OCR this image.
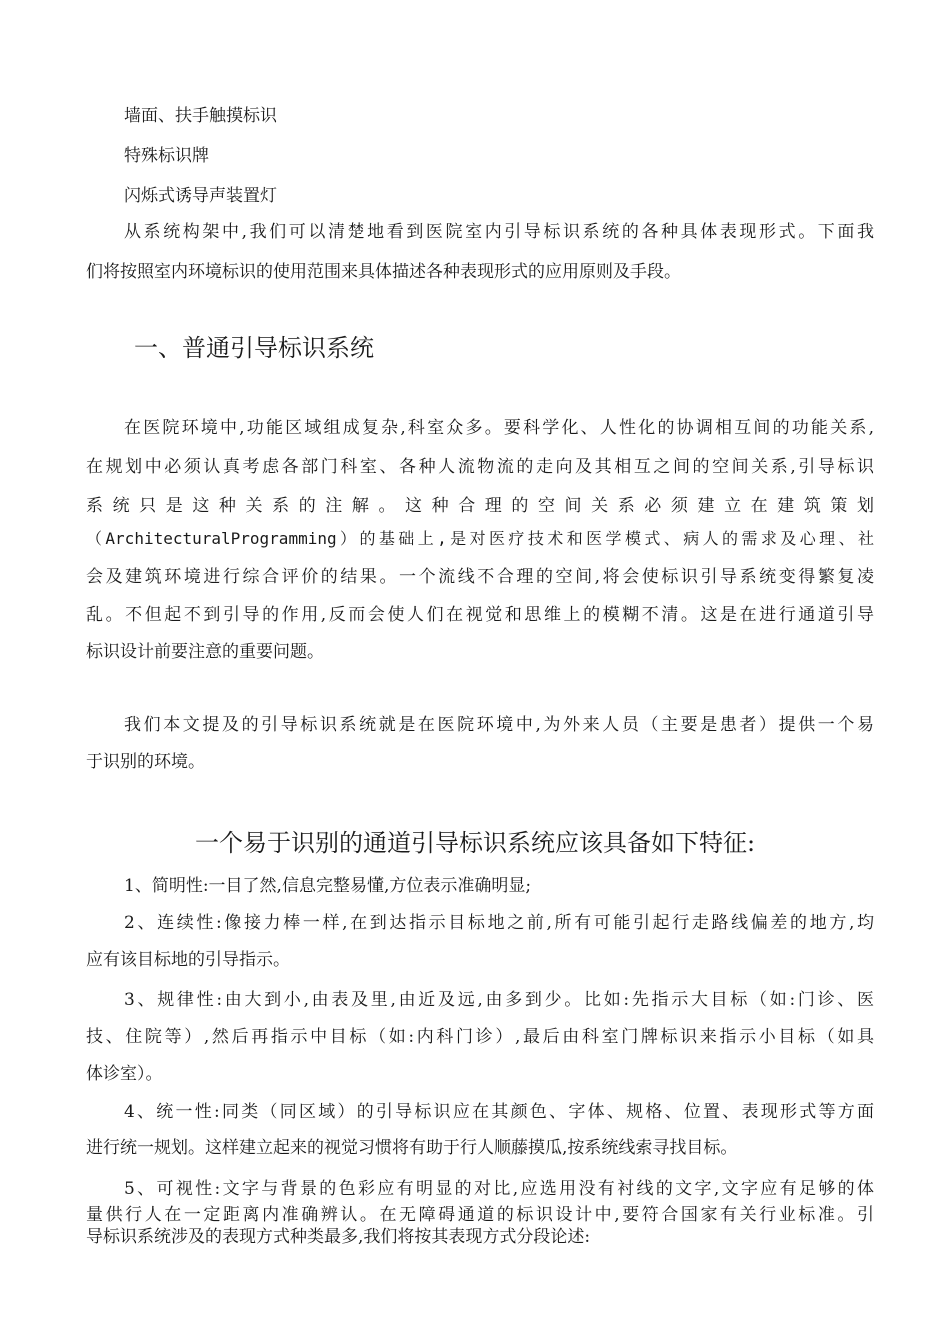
墙面、扶手触摸标识
特殊标识牌
闪烁式诱导声装置灯
从系统构架中,我们可以清楚地看到医院室内引导标识系统的各种具体表现形式。下面我
们将按照室内环境标识的使用范围来具体描述各种表现形式的应用原则及手段。
一、普通引导标识系统
在医院环境中,功能区域组成复杂,科室众多。要科学化、人性化的协调相互间的功能关系,
在规划中必须认真考虑各部门科室、各种人流物流的走向及其相互之间的空间关系,引导标识
系统只是这种关系的注解。这种合理的空间关系必须建立在建筑策划
（ArchitecturalProgramming）的基础上,是对医疗技术和医学模式、病人的需求及心理、社
会及建筑环境进行综合评价的结果。一个流线不合理的空间,将会使标识引导系统变得繁复凌
乱。不但起不到引导的作用,反而会使人们在视觉和思维上的模糊不清。这是在进行通道引导
标识设计前要注意的重要问题。
我们本文提及的引导标识系统就是在医院环境中,为外来人员（主要是患者）提供一个易
于识别的环境。
一个易于识别的通道引导标识系统应该具备如下特征:
1、简明性:一目了然,信息完整易懂,方位表示准确明显;
2、连续性:像接力棒一样,在到达指示目标地之前,所有可能引起行走路线偏差的地方,均
应有该目标地的引导指示。
3、规律性:由大到小,由表及里,由近及远,由多到少。比如:先指示大目标（如:门诊、医
技、住院等）,然后再指示中目标（如:内科门诊）,最后由科室门牌标识来指示小目标（如具
体诊室）。
4、统一性:同类（同区域）的引导标识应在其颜色、字体、规格、位置、表现形式等方面
进行统一规划。这样建立起来的视觉习惯将有助于行人顺藤摸瓜,按系统线索寻找目标。
5、可视性:文字与背景的色彩应有明显的对比,应选用没有衬线的文字,文字应有足够的体
量供行人在一定距离内准确辨认。在无障碍通道的标识设计中,要符合国家有关行业标准。引
导标识系统涉及的表现方式种类最多,我们将按其表现方式分段论述:
